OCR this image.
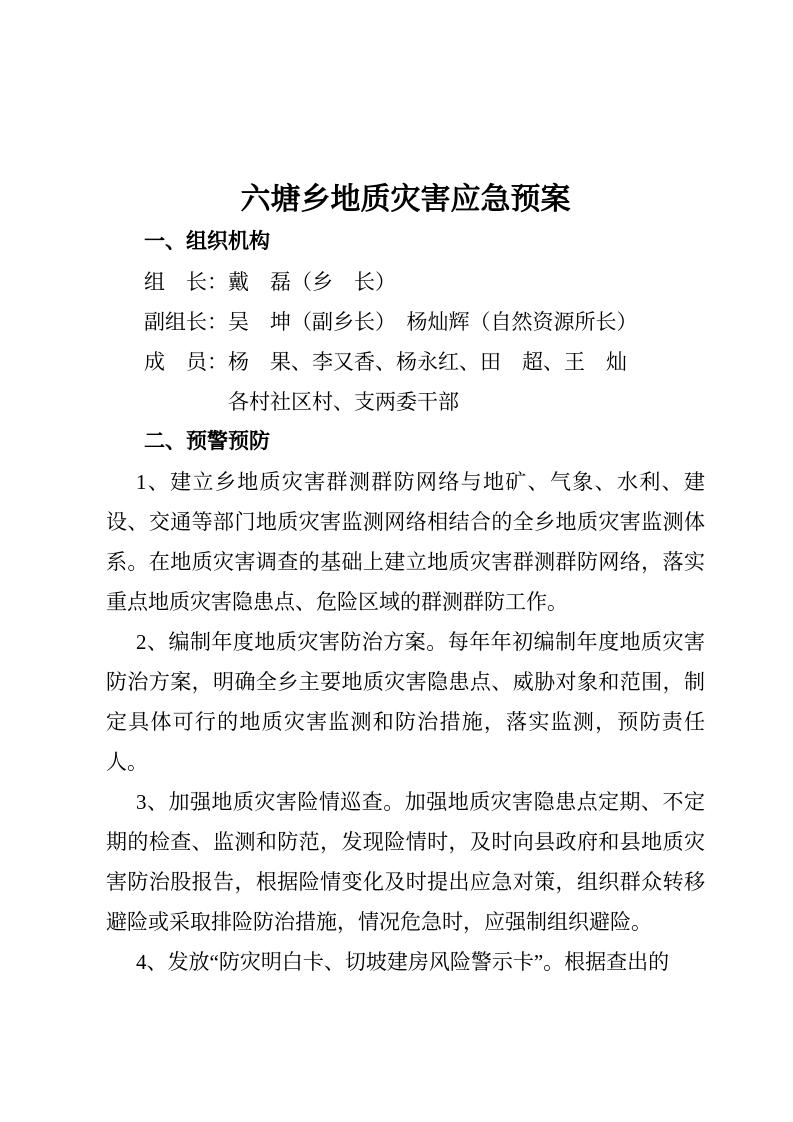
六塘乡地质灾害应急预案
一、组织机构
组　长： 戴　磊（乡　长）
副组长： 吴　坤（副乡长）　杨灿辉（自然资源所长）
成　员： 杨　果、李又香、杨永红、田　超、王　灿
各村社区村、支两委干部
二、预警预防

1、建立乡地质灾害群测群防网络与地矿、气象、水利、建设、交通等部门地质灾害监测网络相结合的全乡地质灾害监测体系。在地质灾害调查的基础上建立地质灾害群测群防网络，落实重点地质灾害隐患点、危险区域的群测群防工作。

2、编制年度地质灾害防治方案。每年年初编制年度地质灾害防治方案，明确全乡主要地质灾害隐患点、威胁对象和范围，制定具体可行的地质灾害监测和防治措施，落实监测，预防责任人。

3、加强地质灾害险情巡查。加强地质灾害隐患点定期、不定期的检查、监测和防范，发现险情时，及时向县政府和县地质灾害防治股报告，根据险情变化及时提出应急对策，组织群众转移避险或采取排险防治措施，情况危急时，应强制组织避险。

4、发放“防灾明白卡、切坡建房风险警示卡”。根据查出的
